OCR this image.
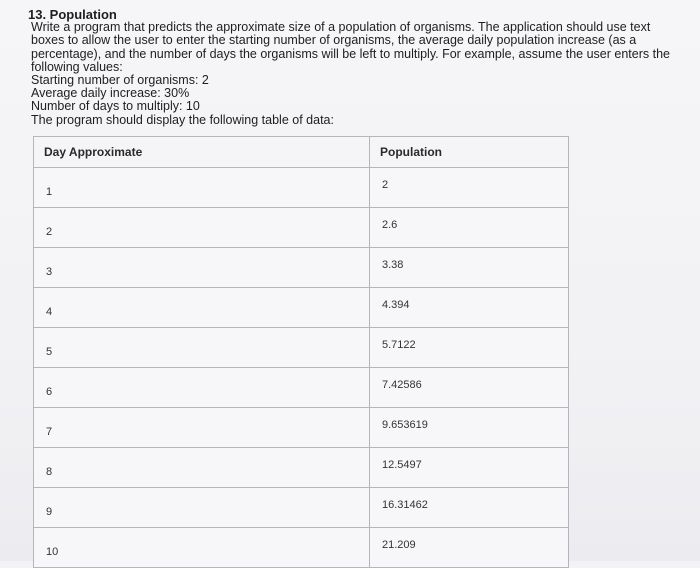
13. Population

Write a program that predicts the approximate size of a population of organisms. The application should use text
boxes to allow the user to enter the starting number of organisms, the average daily population increase (as a
percentage), and the number of days the organisms will be left to multiply. For example, assume the user enters the
following values:
Starting number of organisms: 2
Average daily increase: 30%
Number of days to multiply: 10
The program should display the following table of data:

Day Approximate	Population
1	2
2	2.6
3	3.38
4	4.394
5	5.7122
6	7.42586
7	9.653619
8	12.5497
9	16.31462
10	21.209
